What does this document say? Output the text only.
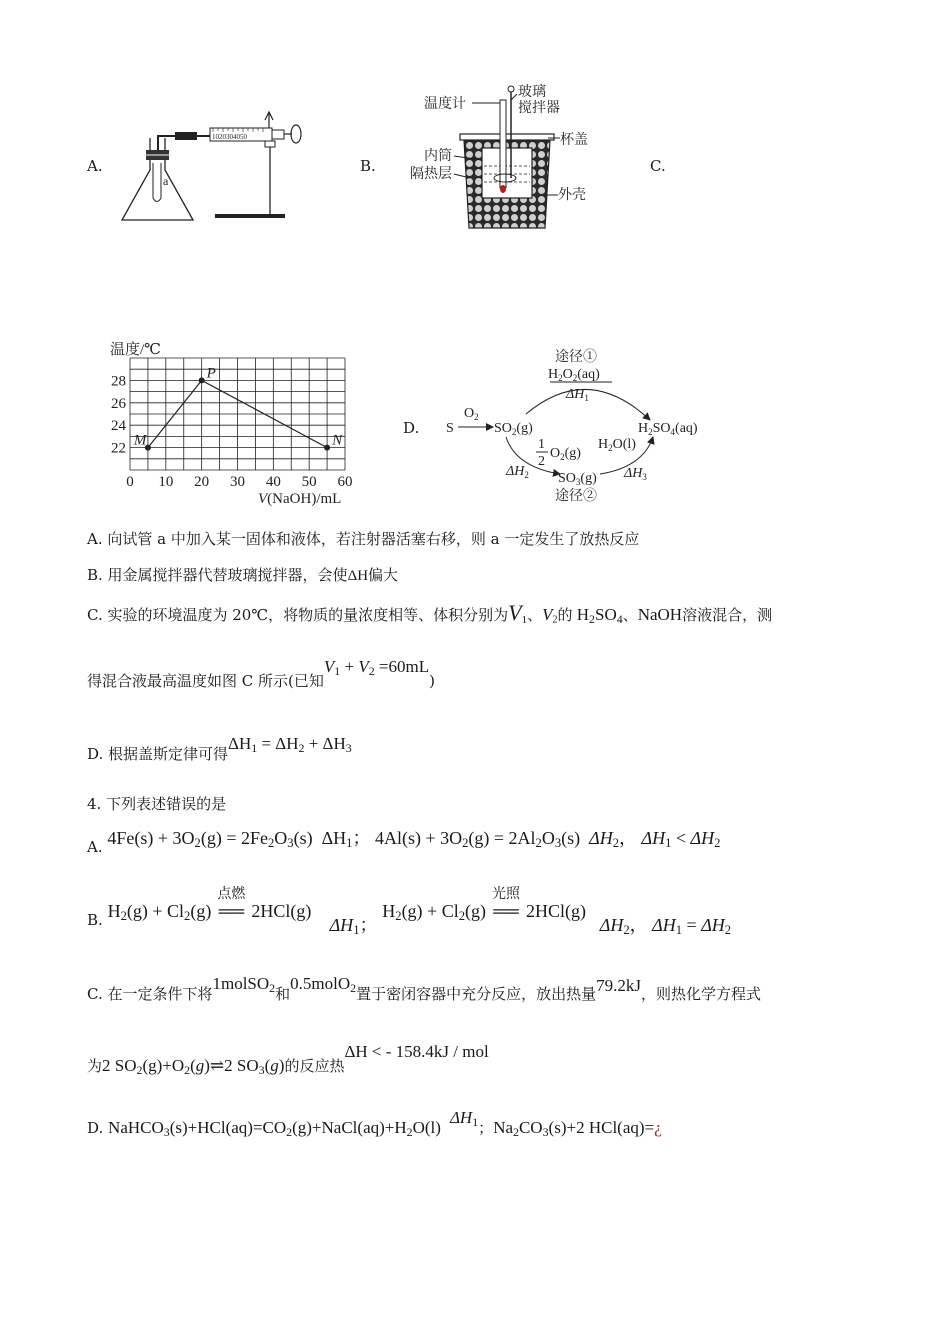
A.
a
1020304050
B.
温度计
玻璃
搅拌器
杯盖
内筒
隔热层
外壳
C.
0 10 20 30 40 50 60
22
24
26
28
M
P
N
温度/℃
V(NaOH)/mL
D.
途径①
$H_2O_2(aq)$
$\Delta H_1$
S
$O_2$
$SO_2(g)$	$H_2SO_4(aq)$
1
2
$O_2(g)$
$\Delta H_2$ $SO_3(g)$
$H_2O(l)$
$\Delta H_3$
途径②
A. 向试管 a 中加入某一固体和液体，若注射器活塞右移，则 a 一定发生了放热反应
B. 用金属搅拌器代替玻璃搅拌器，会使ΔH偏大
C. 实验的环境温度为 20℃，将物质的量浓度相等、体积分别为$V_1$、$V_2$的 $H_2SO_4$、NaOH溶液混合，测
得混合液最高温度如图 C 所示(已知$V_1 + V_2 =60mL$)
D. 根据盖斯定律可得$\Delta H_1 = \Delta H_2 + \Delta H_3$
4. 下列表述错误的是
A. $4Fe(s) + 3O_2(g) = 2Fe_2O_3(s)$  $\Delta H_1$； $4Al(s) + 3O_2(g) = 2Al_2O_3(s)$  $\Delta H_2$， $\Delta H_1 < \Delta H_2$
B. $H_2(g) + Cl_2(g)$
点燃
══ 2HCl(g)    $\Delta H_1$； $H_2(g) + Cl_2(g)$
光照
══ 2HCl(g)   $\Delta H_2$， $\Delta H_1 = \Delta H_2$
C. 在一定条件下将1molSO$_2$和0.5molO$_2$置于密闭容器中充分反应，放出热量79.2kJ，则热化学方程式
为2 $SO_2(g)+O_2(g)\rightleftharpoons 2$ $SO_3(g)$的反应热ΔH < - 158.4kJ / mol
D. $NaHCO_3(s)+HCl(aq)=CO_2(g)+NaCl(aq)+H_2O(l)$  $\Delta H_1$；$Na_2CO_3(s)+2$ HCl(aq)=¿
